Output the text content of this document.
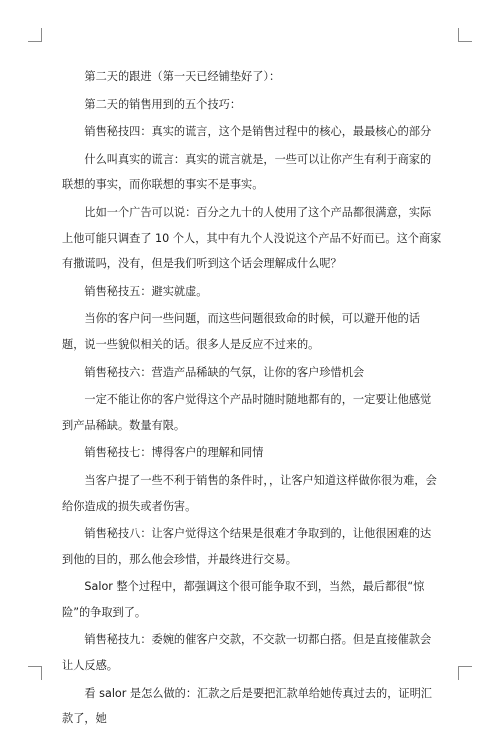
第二天的跟进（第一天已经铺垫好了）：

第二天的销售用到的五个技巧：

销售秘技四：真实的谎言，这个是销售过程中的核心，最最核心的部分

什么叫真实的谎言：真实的谎言就是，一些可以让你产生有利于商家的联想的事实，而你联想的事实不是事实。

比如一个广告可以说：百分之九十的人使用了这个产品都很满意，实际上他可能只调查了 10 个人，其中有九个人没说这个产品不好而已。这个商家有撒谎吗，没有，但是我们听到这个话会理解成什么呢？

销售秘技五：避实就虚。

当你的客户问一些问题，而这些问题很致命的时候，可以避开他的话题，说一些貌似相关的话。很多人是反应不过来的。

销售秘技六：营造产品稀缺的气氛，让你的客户珍惜机会

一定不能让你的客户觉得这个产品时随时随地都有的，一定要让他感觉到产品稀缺。数量有限。

销售秘技七：博得客户的理解和同情

当客户提了一些不利于销售的条件时，，让客户知道这样做你很为难，会给你造成的损失或者伤害。

销售秘技八：让客户觉得这个结果是很难才争取到的，让他很困难的达到他的目的，那么他会珍惜，并最终进行交易。

Salor 整个过程中，都强调这个很可能争取不到，当然，最后都很“惊险”的争取到了。

销售秘技九：委婉的催客户交款，不交款一切都白搭。但是直接催款会让人反感。

看 salor 是怎么做的：汇款之后是要把汇款单给她传真过去的，证明汇款了，她
